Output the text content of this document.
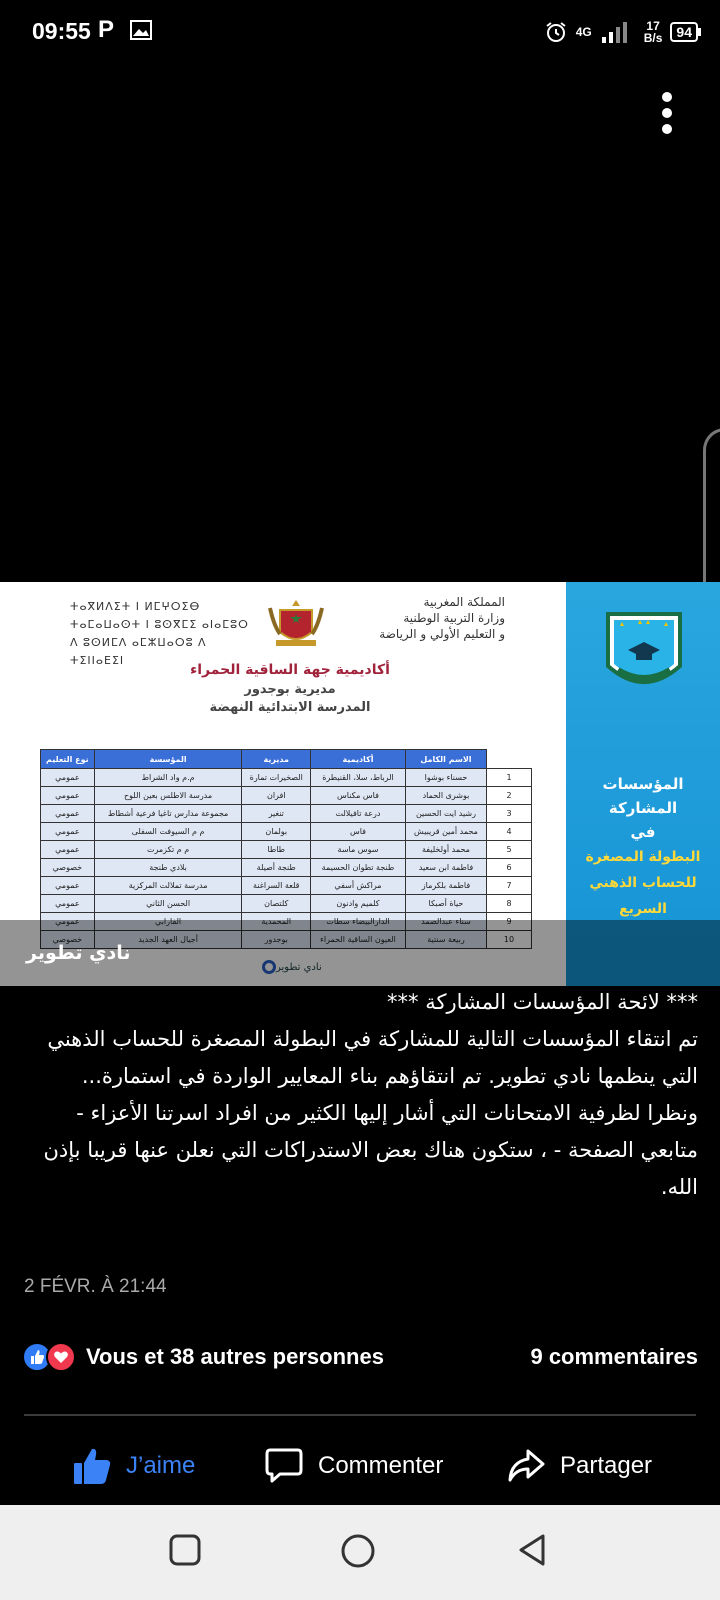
09:55 P	4G	17
B/s	94
المملكة المغربية
وزارة التربية الوطنية
و التعليم الأولي و الرياضة
ⵜⴰⴳⵍⴷⵉⵜ ⵏ ⵍⵎⵖⵔⵉⴱ
ⵜⴰⵎⴰⵡⴰⵙⵜ ⵏ ⵓⵙⴳⵎⵉ ⴰⵏⴰⵎⵓⵔ
ⴷ ⵓⵙⵍⵎⴷ ⴰⵎⵣⵡⴰⵔⵓ ⴷ ⵜⵉⵏⵏⴰⴹⵉⵏ
أكاديمية جهة الساقية الحمراء
مديرية بوجدور
المدرسة الابتدائية النهضة
	الاسم الكامل	أكاديمية	مديرية	المؤسسة	نوع التعليم
1	حسناء بوشوا	الرباط، سلا، القنيطرة	الصخيرات تمارة	م.م واد الشراط	عمومي
2	بوشرى الحماد	فاس مكناس	افران	مدرسة الاطلس بعين اللوح	عمومي
3	رشيد ايت الحسين	درعة تافيلالت	تنغير	مجموعة مدارس تاغيا فرعية أشطاط	عمومي
4	محمد أمين قريبيش	فاس	بولمان	م م السيوفت السفلى	عمومي
5	محمد أولخليفة	سوس ماسة	طاطا	م م تكزمرت	عمومي
6	فاطمة ابن سعيد	طنجة تطوان الحسيمة	طنجة أصيلة	بلادي طنجة	خصوصي
7	فاطمة بلكرماز	مراكش أسفي	قلعة السراغنة	مدرسة تملالت المركزية	عمومي
8	حياة أصبكا	كلميم وادنون	كلتصان	الحسن الثاني	عمومي
9	سناء عبدالصمد	الدارالبيضاء سطات	المحمدية	الفارابي	عمومي
10	ربيعة سنتية	العيون الساقية الحمراء	بوجدور	أجيال العهد الجديد	خصوصي
نادي تطوير
المؤسسات المشاركة
في
البطولة المصغرة
للحساب الذهني
السريع
نادي تطوير

*** لائحة المؤسسات المشاركة ***

تم انتقاء المؤسسات التالية للمشاركة في البطولة المصغرة للحساب الذهني التي ينظمها نادي تطوير. تم انتقاؤهم بناء المعايير الواردة في استمارة...

ونظرا لظرفية الامتحانات التي أشار إليها الكثير من افراد اسرتنا الأعزاء - متابعي الصفحة - ، ستكون هناك بعض الاستدراكات التي نعلن عنها قريبا بإذن الله.

2 FÉVR. À 21:44
Vous et 38 autres personnes	9 commentaires
J’aime	Commenter	Partager
